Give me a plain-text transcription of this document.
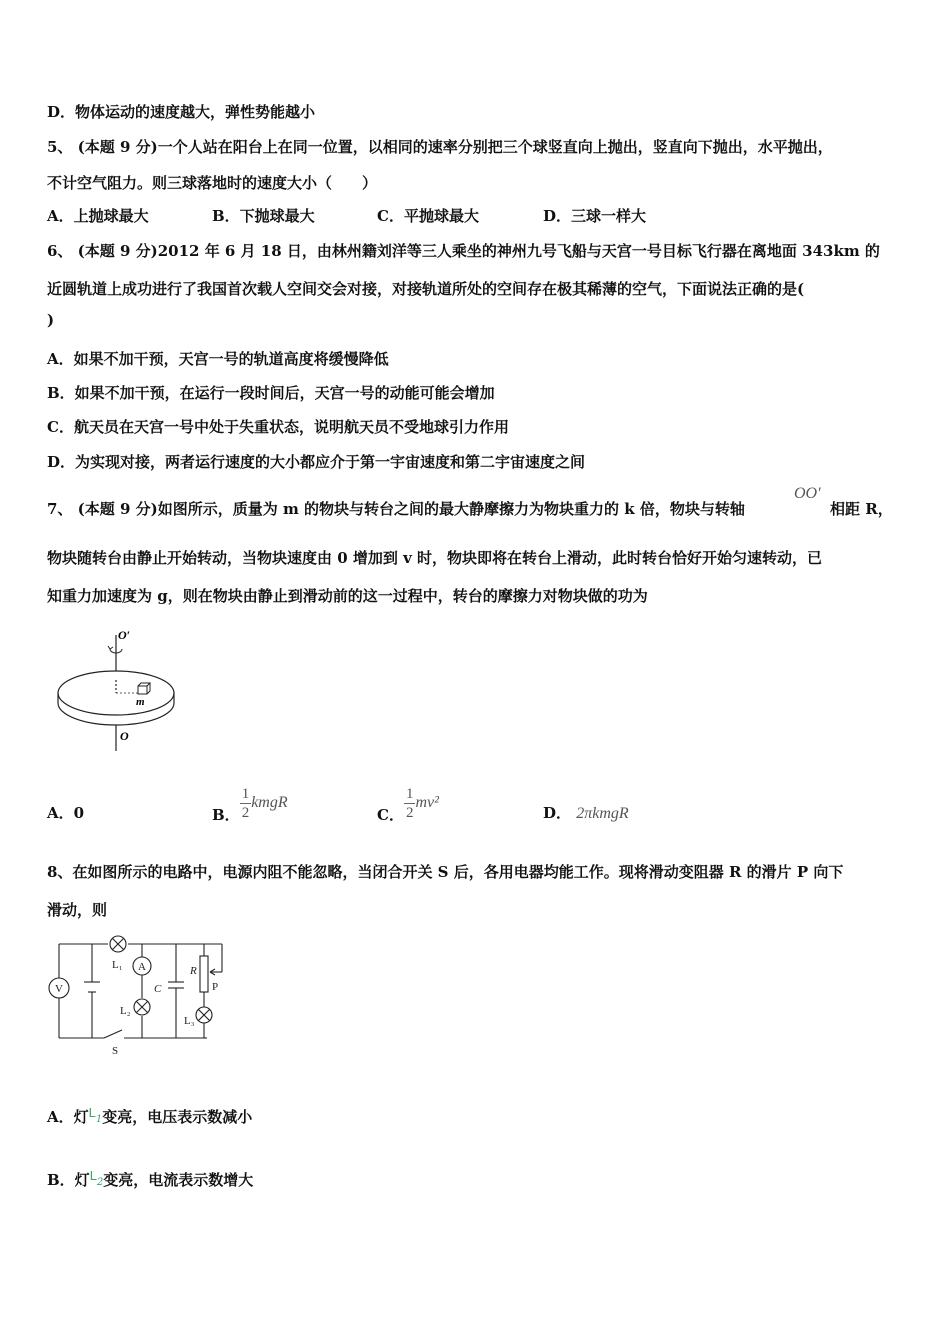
D．物体运动的速度越大，弹性势能越小
5、 (本题 9 分)一个人站在阳台上在同一位置，以相同的速率分别把三个球竖直向上抛出，竖直向下抛出，水平抛出，
不计空气阻力。则三球落地时的速度大小（　　）
A．上抛球最大	B．下抛球最大	C．平抛球最大	D．三球一样大
6、 (本题 9 分)2012 年 6 月 18 日，由林州籍刘洋等三人乘坐的神州九号飞船与天宫一号目标飞行器在离地面 343km 的
近圆轨道上成功进行了我国首次载人空间交会对接，对接轨道所处的空间存在极其稀薄的空气，下面说法正确的是(
)
A．如果不加干预，天宫一号的轨道高度将缓慢降低
B．如果不加干预，在运行一段时间后，天宫一号的动能可能会增加
C．航天员在天宫一号中处于失重状态，说明航天员不受地球引力作用
D．为实现对接，两者运行速度的大小都应介于第一宇宙速度和第二宇宙速度之间
7、 (本题 9 分)如图所示，质量为 m 的物块与转台之间的最大静摩擦力为物块重力的 k 倍，物块与转轴
OO′
相距 R，
物块随转台由静止开始转动，当物块速度由 0 增加到 v 时，物块即将在转台上滑动，此时转台恰好开始匀速转动，已
知重力加速度为 g，则在物块由静止到滑动前的这一过程中，转台的摩擦力对物块做的功为
O′
m
O
A．0	B． $\frac{1}{2}$ kmgR
C． $\frac{1}{2} mv^2$
D． 2πkmgR
8、在如图所示的电路中，电源内阻不能忽略，当闭合开关 S 后，各用电器均能工作。现将滑动变阻器 R 的滑片 P 向下
滑动，则
V
A
L₁
L₂
L₃
C
R
P
S
A．灯L1变亮，电压表示数减小
B．灯L2变亮，电流表示数增大
